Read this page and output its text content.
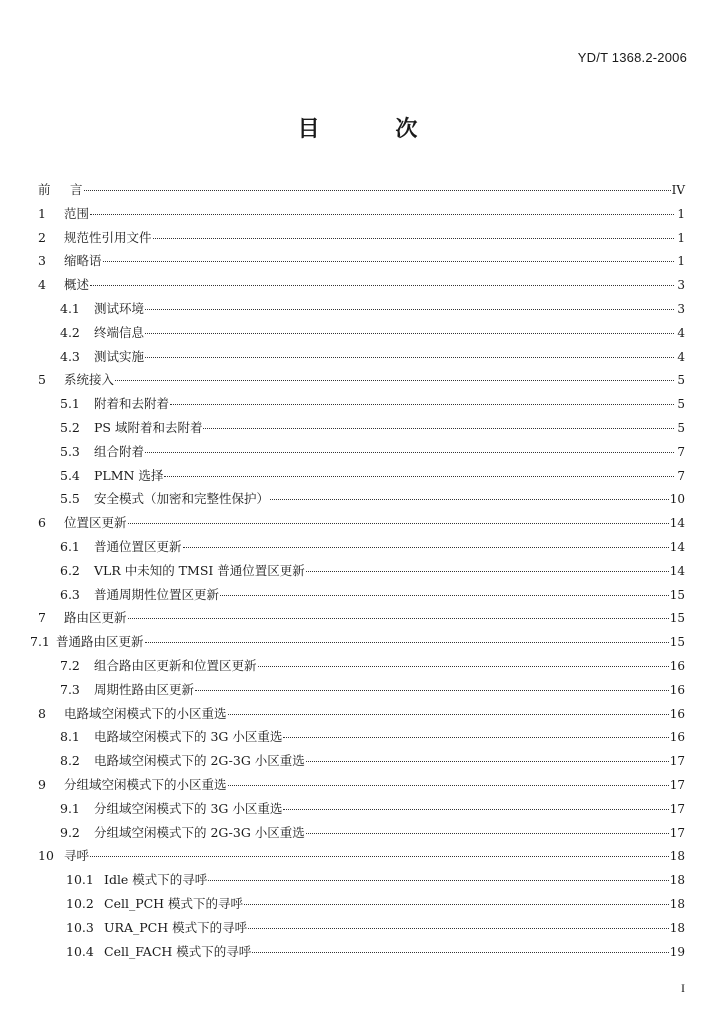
YD/T 1368.2-2006
目 次
前	言	IV
1	范围	1
2	规范性引用文件	1
3	缩略语	1
4	概述	3
4.1	测试环境	3
4.2	终端信息	4
4.3	测试实施	4
5	系统接入	5
5.1	附着和去附着	5
5.2	PS 域附着和去附着	5
5.3	组合附着	7
5.4	PLMN 选择	7
5.5	安全模式（加密和完整性保护）	10
6	位置区更新	14
6.1	普通位置区更新	14
6.2	VLR 中未知的 TMSI 普通位置区更新	14
6.3	普通周期性位置区更新	15
7	路由区更新	15
7.1 普通路由区更新	15
7.2	组合路由区更新和位置区更新	16
7.3	周期性路由区更新	16
8	电路域空闲模式下的小区重选	16
8.1	电路域空闲模式下的 3G 小区重选	16
8.2	电路域空闲模式下的 2G-3G 小区重选	17
9	分组域空闲模式下的小区重选	17
9.1	分组域空闲模式下的 3G 小区重选	17
9.2	分组域空闲模式下的 2G-3G 小区重选	17
10 寻呼	18
10.1 Idle 模式下的寻呼	18
10.2 Cell_PCH 模式下的寻呼	18
10.3 URA_PCH 模式下的寻呼	18
10.4 Cell_FACH 模式下的寻呼	19
I
